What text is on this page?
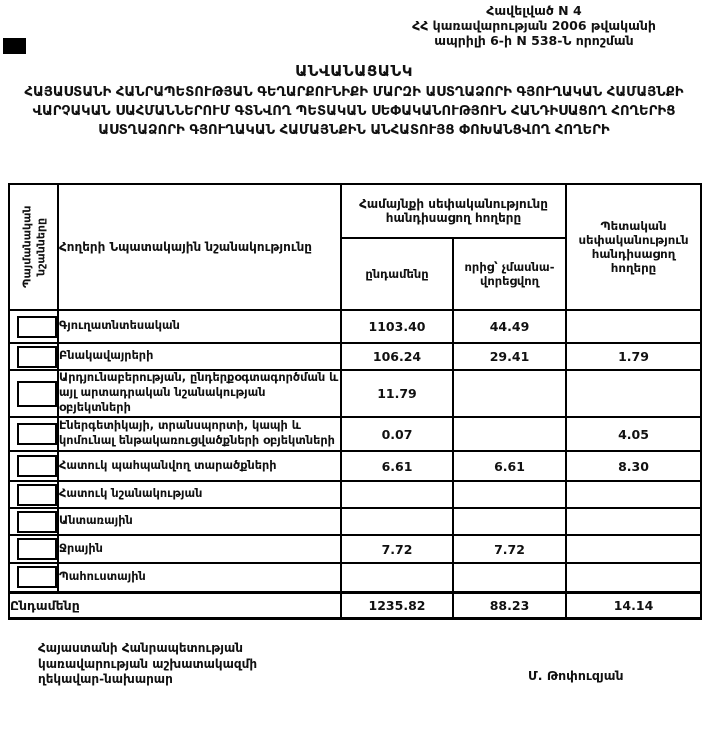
Հավելված N 4
ՀՀ կառավարության 2006 թվականի
ապրիլի 6-ի N 538-Ն որոշման
ԱՆՎԱՆԱՑԱՆԿ
ՀԱՅԱՍՏԱՆԻ ՀԱՆՐԱՊԵՏՈՒԹՅԱՆ ԳԵՂԱՐՔՈՒՆԻՔԻ ՄԱՐԶԻ ԱՍՏՂԱՁՈՐԻ ԳՅՈՒՂԱԿԱՆ ՀԱՄԱՅՆՔԻ ՎԱՐՉԱԿԱՆ ՍԱՀՄԱՆՆԵՐՈՒՄ ԳՏՆՎՈՂ ՊԵՏԱԿԱՆ ՍԵՓԱԿԱՆՈՒԹՅՈՒՆ ՀԱՆԴԻՍԱՑՈՂ ՀՈՂԵՐԻՑ ԱՍՏՂԱՁՈՐԻ ԳՅՈՒՂԱԿԱՆ ՀԱՄԱՅՆՔԻՆ ԱՆՀԱՏՈՒՅՑ ՓՈԽԱՆՑՎՈՂ ՀՈՂԵՐԻ
Պայմանական նշանները	Հողերի Նպատակային նշանակությունը	Համայնքի սեփականությունը հանդիսացող հողերը		Պետական սեփականություն հանդիսացող հողերը
		ընդամենը	որից՝ չմասնավորեցվող	

	Գյուղատնտեսական	1103.40	44.49	

	Բնակավայրերի	106.24	29.41	1.79

	Արդյունաբերության, ընդերքօգտագործման և այլ արտադրական նշանակության օբյեկտների	11.79		

	Էներգետիկայի, տրանսպորտի, կապի և կոմունալ ենթակառուցվածքների օբյեկտների	0.07		4.05

	Հատուկ պահպանվող տարածքների	6.61	6.61	8.30

	Հատուկ նշանակության			

	Անտառային			

	Ջրային	7.72	7.72	

	Պահուստային			
Ընդամենը		1235.82	88.23	14.14
Հայաստանի Հանրապետության
կառավարության աշխատակազմի
ղեկավար-նախարար	Մ. Թոփուզյան
